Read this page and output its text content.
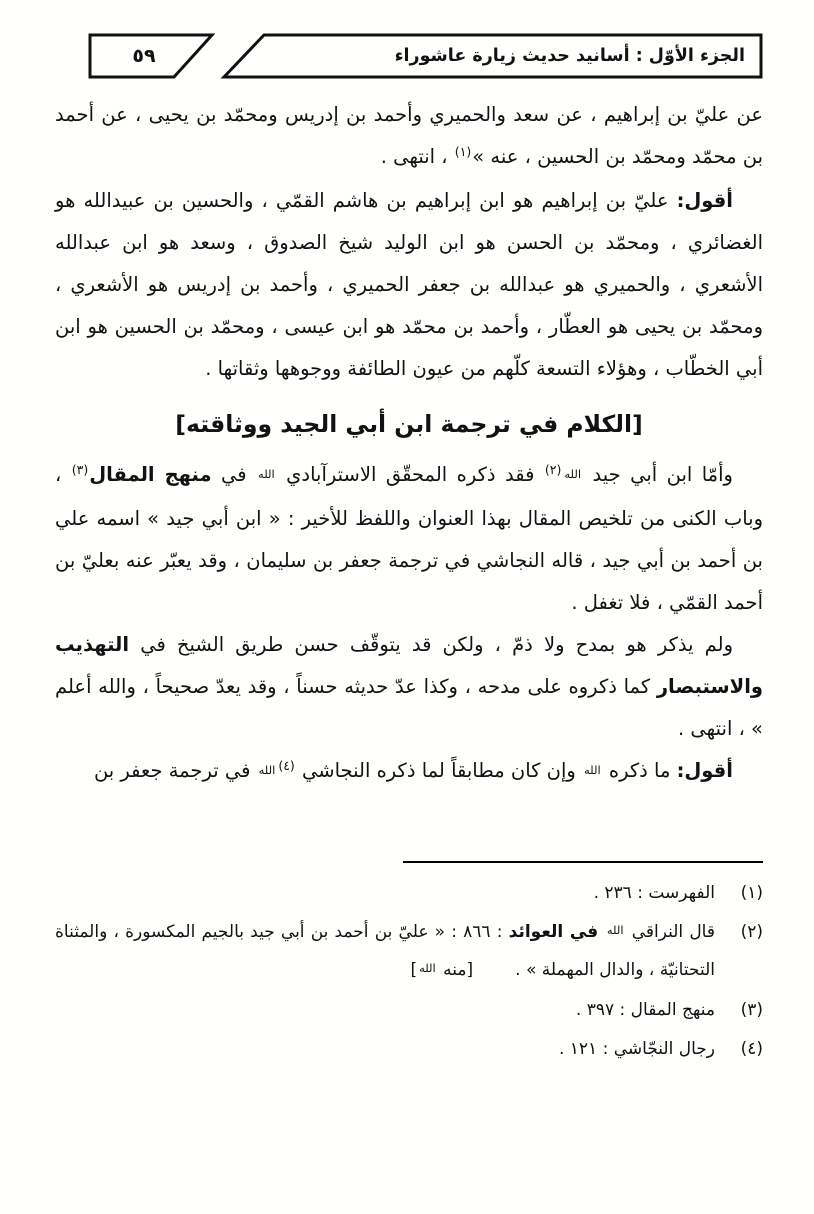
الجزء الأوّل : أسانيد حديث زيارة عاشوراء
٥٩

عن عليّ بن إبراهيم ، عن سعد والحميري وأحمد بن إدريس ومحمّد بن يحيى ، عن أحمد بن محمّد ومحمّد بن الحسين ، عنه »$^{(١)}$ ، انتهى .

أقول: عليّ بن إبراهيم هو ابن إبراهيم بن هاشم القمّي ، والحسين بن عبيدالله هو الغضائري ، ومحمّد بن الحسن هو ابن الوليد شيخ الصدوق ، وسعد هو ابن عبدالله الأشعري ، والحميري هو عبدالله بن جعفر الحميري ، وأحمد بن إدريس هو الأشعري ، ومحمّد بن يحيى هو العطّار ، وأحمد بن محمّد هو ابن عيسى ، ومحمّد بن الحسين هو ابن أبي الخطّاب ، وهؤلاء التسعة كلّهم من عيون الطائفة ووجوهها وثقاتها .

[الكلام في ترجمة ابن أبي الجيد ووثاقته]

وأمّا ابن أبي جيد الله$^{(٢)}$ فقد ذكره المحقّق الاسترآبادي الله في منهج المقال$^{(٣)}$ ، وباب الكنى من تلخيص المقال بهذا العنوان واللفظ للأخير : « ابن أبي جيد » اسمه علي بن أحمد بن أبي جيد ، قاله النجاشي في ترجمة جعفر بن سليمان ، وقد يعبّر عنه بعليّ بن أحمد القمّي ، فلا تغفل .

ولم يذكر هو بمدح ولا ذمّ ، ولكن قد يتوقّف حسن طريق الشيخ في التهذيب والاستبصار كما ذكروه على مدحه ، وكذا عدّ حديثه حسناً ، وقد يعدّ صحيحاً ، والله أعلم » ، انتهى .

أقول: ما ذكره الله وإن كان مطابقاً لما ذكره النجاشي $^{(٤)}$الله في ترجمة جعفر بن

(١)
الفهرست : ٢٣٦ .
(٢)
قال النراقي الله في العوائد : ٨٦٦ : « عليّ بن أحمد بن أبي جيد بالجيم المكسورة ، والمثناة التحتانيّة ، والدال المهملة » .[منه الله]
(٣)
منهج المقال : ٣٩٧ .
(٤)
رجال النجّاشي : ١٢١ .
